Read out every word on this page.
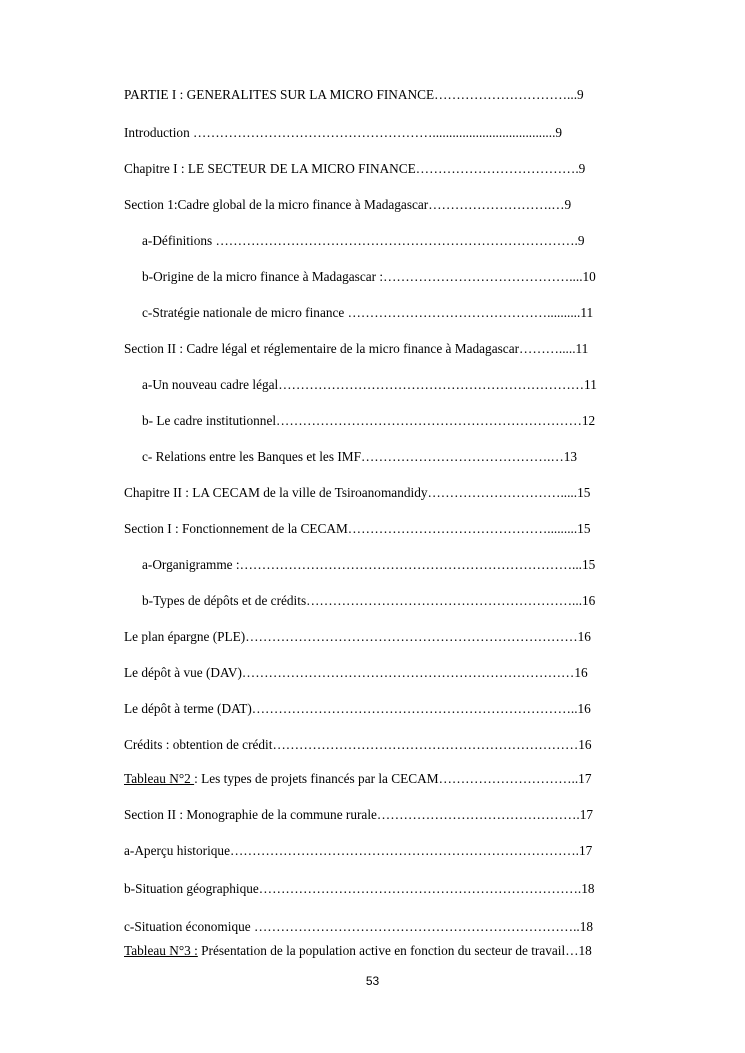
PARTIE I : GENERALITES SUR LA MICRO FINANCE…………………………...9
Introduction ……………………………………………….....................................9
Chapitre I : LE SECTEUR DE LA MICRO FINANCE……………………………….9
Section 1:Cadre global de la micro finance à Madagascar……………………….…9
a-Définitions ……………………………………………………………………….9
b-Origine de la micro finance à Madagascar :……………………………………....10
c-Stratégie nationale de micro finance ………………………………………..........11
Section II : Cadre légal et réglementaire de la micro finance à Madagascar……….....11
a-Un nouveau cadre légal……………………………………………………………11
b- Le cadre institutionnel……………………………………………………………12
c- Relations entre les Banques et les IMF…………………………………….…13
Chapitre II : LA CECAM de la ville de Tsiroanomandidy………………………….....15
Section I : Fonctionnement de la CECAM……………………………………….........15
a-Organigramme :…………………………………………………………………...15
b-Types de dépôts et de crédits……………………………………………………...16
Le plan épargne (PLE)…………………………………………………………………16
Le dépôt à vue (DAV)…………………………………………………………………16
Le dépôt à terme (DAT)………………………………………………………………..16
Crédits : obtention de crédit……………………………………………………………16
Tableau N°2 : Les types de projets financés par la CECAM…………………………..17
Section II : Monographie de la commune rurale……………………………………….17
a-Aperçu historique…………………………………………………………………….17
b-Situation géographique……………………………………………………………….18
c-Situation économique ………………………………………………………………..18
Tableau N°3 : Présentation de la population active en fonction du secteur de travail…18
53
